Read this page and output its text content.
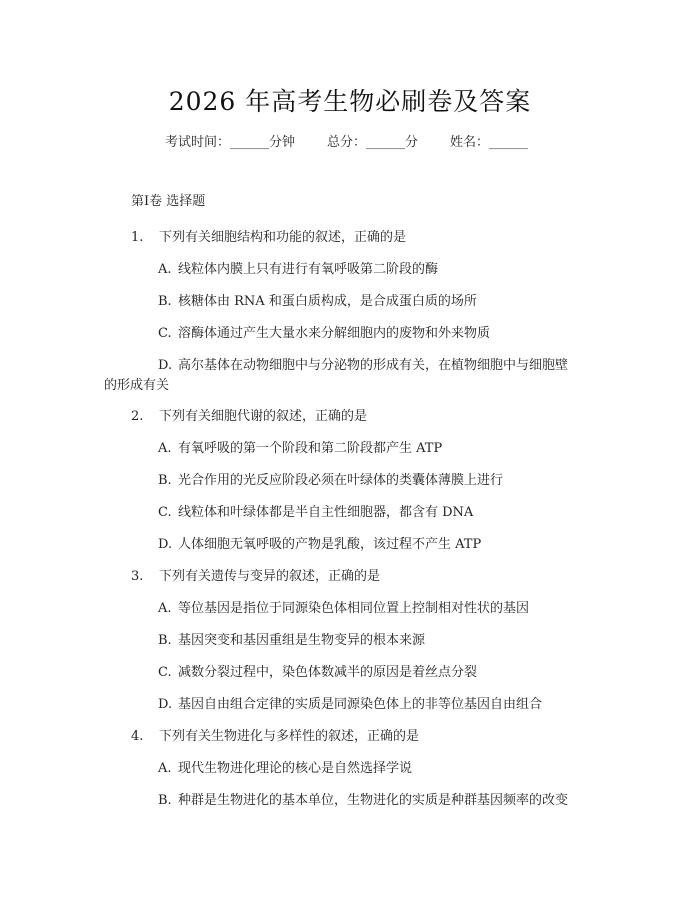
2026 年高考生物必刷卷及答案
考试时间：______分钟 总分：______分 姓名：______
第Ⅰ卷 选择题
1. 下列有关细胞结构和功能的叙述，正确的是
A. 线粒体内膜上只有进行有氧呼吸第二阶段的酶
B. 核糖体由 RNA 和蛋白质构成，是合成蛋白质的场所
C. 溶酶体通过产生大量水来分解细胞内的废物和外来物质
D. 高尔基体在动物细胞中与分泌物的形成有关，在植物细胞中与细胞壁
的形成有关
2. 下列有关细胞代谢的叙述，正确的是
A. 有氧呼吸的第一个阶段和第二阶段都产生 ATP
B. 光合作用的光反应阶段必须在叶绿体的类囊体薄膜上进行
C. 线粒体和叶绿体都是半自主性细胞器，都含有 DNA
D. 人体细胞无氧呼吸的产物是乳酸，该过程不产生 ATP
3. 下列有关遗传与变异的叙述，正确的是
A. 等位基因是指位于同源染色体相同位置上控制相对性状的基因
B. 基因突变和基因重组是生物变异的根本来源
C. 减数分裂过程中，染色体数减半的原因是着丝点分裂
D. 基因自由组合定律的实质是同源染色体上的非等位基因自由组合
4. 下列有关生物进化与多样性的叙述，正确的是
A. 现代生物进化理论的核心是自然选择学说
B. 种群是生物进化的基本单位，生物进化的实质是种群基因频率的改变
